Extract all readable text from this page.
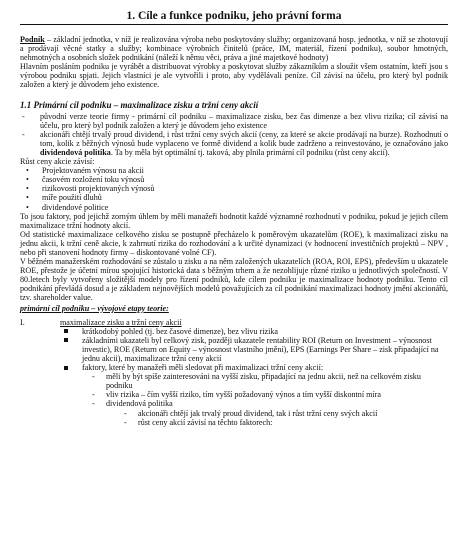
1. Cíle a funkce podniku, jeho právní forma

Podnik – základní jednotka, v níž je realizována výroba nebo poskytovány služby; organizovaná hosp. jednotka, v níž se zhotovují a prodávají věcné statky a služby; kombinace výrobních činitelů (práce, IM, materiál, řízení podniku), soubor hmotných, nehmotných a osobních složek podnikání (náleží k němu věci, práva a jiné majetkové hodnoty)

Hlavním posláním podniku je vyrábět a distribuovat výrobky a poskytovat služby zákazníkům a sloužit všem ostatním, kteří jsou s výrobou podniku spjati. Jejich vlastníci je ale vytvořili i proto, aby vydělávali peníze. Cíl závisí na účelu, pro který byl podnik založen a který je důvodem jeho existence.

1.1 Primární cíl podniku – maximalizace zisku a tržní ceny akcií
- původní verze teorie firmy - primární cíl podniku – maximalizace zisku, bez čas dimenze a bez vlivu rizika; cíl závisí na účelu, pro který byl podnik založen a který je důvodem jeho existence
- akcionáři chtějí trvalý proud dividend, i růst tržní ceny svých akcií (ceny, za které se akcie prodávají na burze). Rozhodnutí o tom, kolik z běžných výnosů bude vyplaceno ve formě dividend a kolik bude zadrženo a reinvestováno, je označováno jako dividendová politika. Ta by měla být optimální tj. taková, aby plnila primární cíl podniku (růst ceny akcií).

Růst ceny akcie závisí:

• Projektovaném výnosu na akcii
• časovém rozložení toku výnosů
• rizikovosti projektovaných výnosů
• míře použití dluhů
• dividendové politice

To jsou faktory, pod jejichž zorným úhlem by měli manažeři hodnotit každé významné rozhodnutí v podniku, pokud je jejich cílem maximalizace tržní hodnoty akcií.

Od statistické maximalizace celkového zisku se postupně přecházelo k poměrovým ukazatelům (ROE), k maximalizaci zisku na jednu akcii, k tržní ceně akcie, k zahrnutí rizika do rozhodování a k určité dynamizaci (v hodnocení investičních projektů – NPV , nebo při stanovení hodnoty firmy – diskontované volné CF).

V běžném manažerském rozhodování se zůstalo u zisku a na něm založených ukazatelích (ROA, ROI, EPS), především u ukazatele ROE, přestože je účetní mírou spojující historická data s běžným trhem a že nezohlijuje různé riziko u jednotlivých společností. V 80.letech byly vytvořeny složitější modely pro řízení podniků, kde cílem podniku je maximalizace hodnoty podniku. Tento cíl podnikání převládá dosud a je základem nejnovějších modelů považujících za cíl podnikání maximalizaci hodnoty jmění akcionářů, tzv. shareholder value.

primární cíl podniku – vývojové etapy teorie:
I.	maximalizace zisku a tržní ceny akcií
krátkodobý pohled (tj. bez časové dimenze), bez vlivu rizika
základními ukazateli byl celkový zisk, později ukazatele rentability ROI (Return on Investment – výnosnost investic), ROE (Return on Equity – výnosnost vlastního jmění), EPS (Earnings Per Share – zisk připadající na jednu akcii), maximalizace tržní ceny akcií
faktory, které by manažeři měli sledovat při maximalizaci tržní ceny akcií:
- měli by být spíše zainteresováni na vyšší zisku, připadající na jednu akcii, než na celkovém zisku podniku
- vliv rizika – čím vyšší riziko, tím vyšší požadovaný výnos a tím vyšší diskontní míra
- dividendová politika
- akcionáři chtějí jak trvalý proud dividend, tak i růst tržní ceny svých akcií
- růst ceny akcií závisí na těchto faktorech:
